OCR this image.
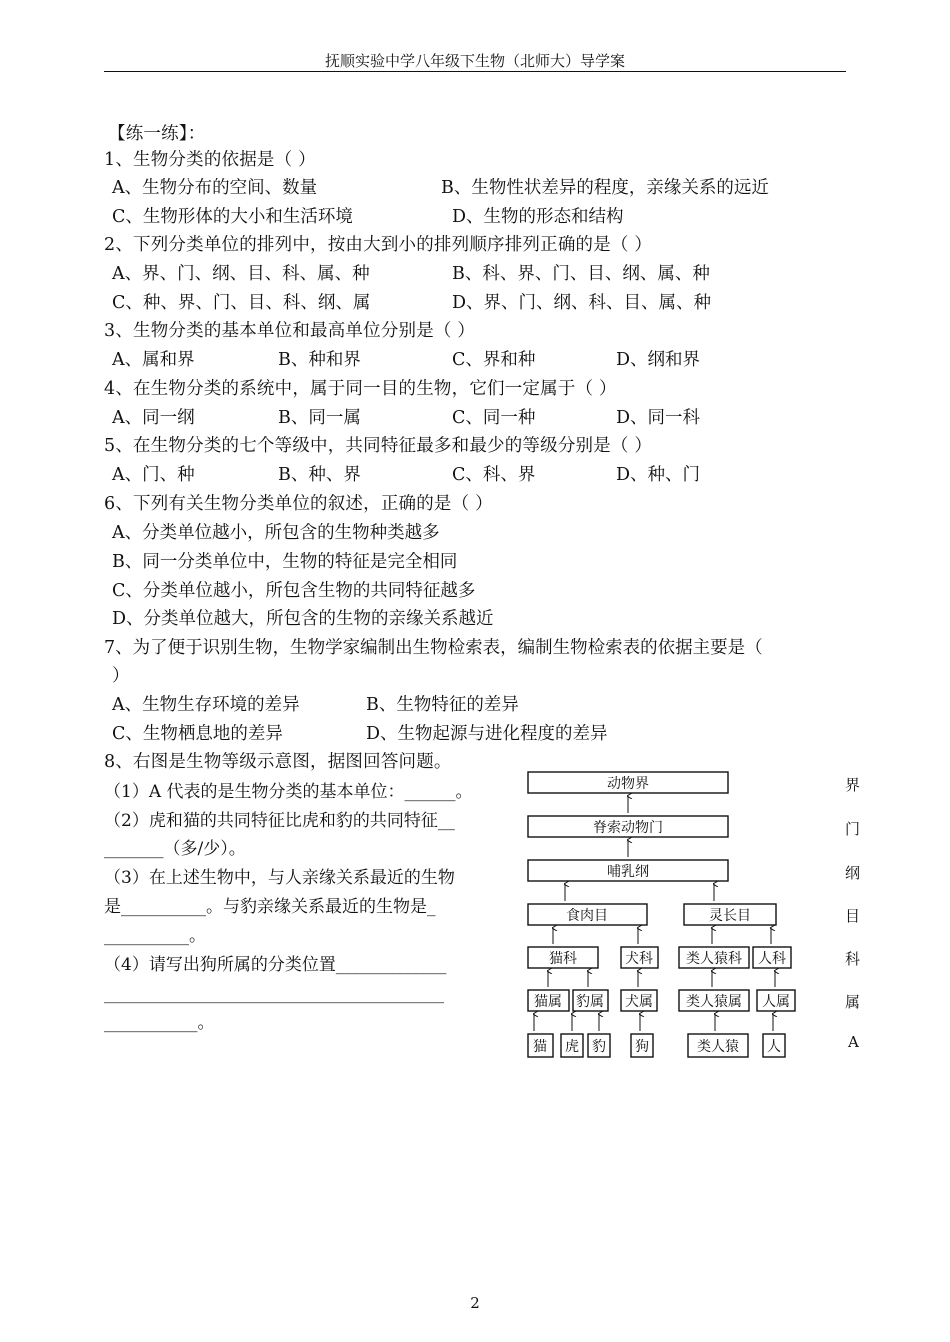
抚顺实验中学八年级下生物（北师大）导学案
【练一练】：
1、生物分类的依据是（ ）
A、生物分布的空间、数量	B、生物性状差异的程度，亲缘关系的远近
C、生物形体的大小和生活环境	D、生物的形态和结构
2、下列分类单位的排列中，按由大到小的排列顺序排列正确的是（ ）
A、界、门、纲、目、科、属、种	B、科、界、门、目、纲、属、种
C、种、界、门、目、科、纲、属	D、界、门、纲、科、目、属、种
3、生物分类的基本单位和最高单位分别是（ ）
A、属和界	B、种和界	C、界和种	D、纲和界
4、在生物分类的系统中，属于同一目的生物，它们一定属于（ ）
A、同一纲	B、同一属	C、同一种	D、同一科
5、在生物分类的七个等级中，共同特征最多和最少的等级分别是（ ）
A、门、种	B、种、界	C、科、界	D、种、门
6、下列有关生物分类单位的叙述，正确的是（ ）
A、分类单位越小，所包含的生物种类越多
B、同一分类单位中，生物的特征是完全相同
C、分类单位越小，所包含生物的共同特征越多
D、分类单位越大，所包含的生物的亲缘关系越近
7、为了便于识别生物，生物学家编制出生物检索表，编制生物检索表的依据主要是（
）
A、生物生存环境的差异	B、生物特征的差异
C、生物栖息地的差异	D、生物起源与进化程度的差异
8、右图是生物等级示意图，据图回答问题。
（1）A 代表的是生物分类的基本单位：______。
（2）虎和猫的共同特征比虎和豹的共同特征__
_______（多/少）。
（3）在上述生物中，与人亲缘关系最近的生物
是__________。与豹亲缘关系最近的生物是_
__________。
（4）请写出狗所属的分类位置_____________
________________________________________
___________。
动物界
脊索动物门
哺乳纲
食肉目	灵长目
猫科	犬科 类人猿科 人科
猫属 豹属 犬属 类人猿属 人属
猫 虎 豹 狗	类人猿 人
界
门
纲
目
科
属
A
2
